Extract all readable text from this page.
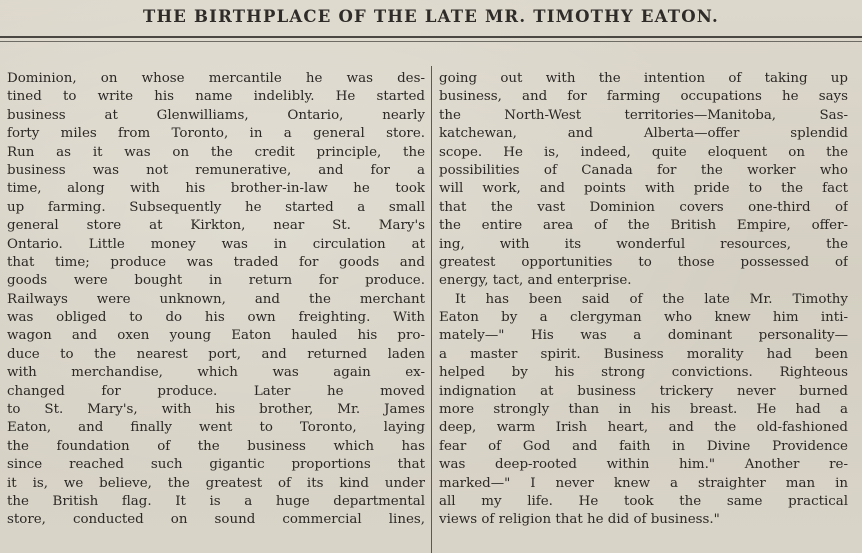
THE BIRTHPLACE OF THE LATE MR. TIMOTHY EATON.
Dominion, on whose mercantile he was des-
tined to write his name indelibly. He started
business at Glenwilliams, Ontario, nearly
forty miles from Toronto, in a general store.
Run as it was on the credit principle, the
business was not remunerative, and for a
time, along with his brother-in-law he took
up farming. Subsequently he started a small
general store at Kirkton, near St. Mary's
Ontario. Little money was in circulation at
that time; produce was traded for goods and
goods were bought in return for produce.
Railways were unknown, and the merchant
was obliged to do his own freighting. With
wagon and oxen young Eaton hauled his pro-
duce to the nearest port, and returned laden
with merchandise, which was again ex-
changed for produce. Later he moved
to St. Mary's, with his brother, Mr. James
Eaton, and finally went to Toronto, laying
the foundation of the business which has
since reached such gigantic proportions that
it is, we believe, the greatest of its kind under
the British flag. It is a huge departmental
store, conducted on sound commercial lines,
going out with the intention of taking up
business, and for farming occupations he says
the North-West territories—Manitoba, Sas-
katchewan, and Alberta—offer splendid
scope. He is, indeed, quite eloquent on the
possibilities of Canada for the worker who
will work, and points with pride to the fact
that the vast Dominion covers one-third of
the entire area of the British Empire, offer-
ing, with its wonderful resources, the
greatest opportunities to those possessed of
energy, tact, and enterprise.
It has been said of the late Mr. Timothy
Eaton by a clergyman who knew him inti-
mately—" His was a dominant personality—
a master spirit. Business morality had been
helped by his strong convictions. Righteous
indignation at business trickery never burned
more strongly than in his breast. He had a
deep, warm Irish heart, and the old-fashioned
fear of God and faith in Divine Providence
was deep-rooted within him." Another re-
marked—" I never knew a straighter man in
all my life. He took the same practical
views of religion that he did of business."
